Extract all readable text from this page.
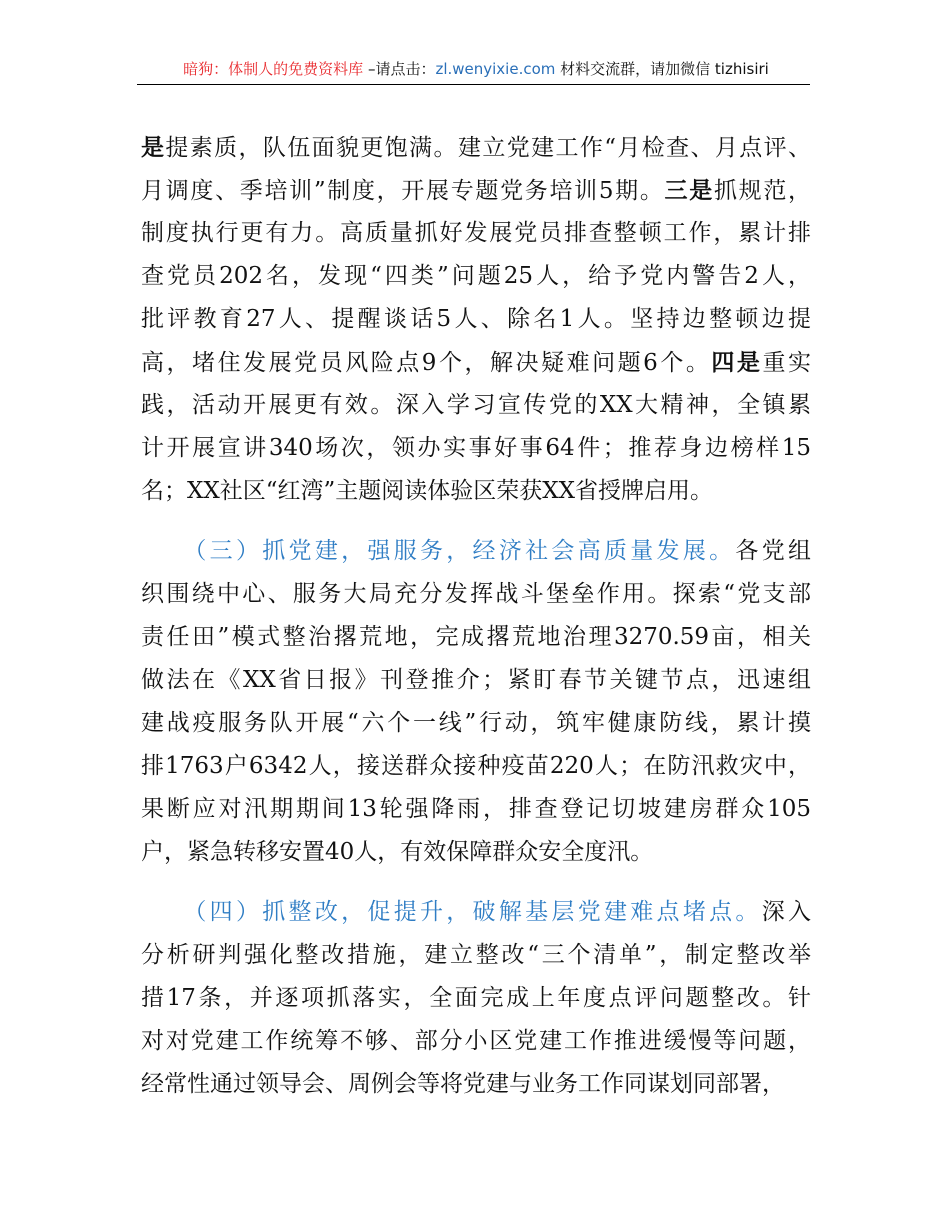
暗狗：体制人的免费资料库 –请点击：zl.wenyixie.com 材料交流群，请加微信 tizhisiri
是提素质，队伍面貌更饱满。建立党建工作“月检查、月点评、
月调度、季培训”制度，开展专题党务培训5期。三是抓规范，
制度执行更有力。高质量抓好发展党员排查整顿工作，累计排
查党员202名，发现“四类”问题25人，给予党内警告2人，
批评教育27人、提醒谈话5人、除名1人。坚持边整顿边提
高，堵住发展党员风险点9个，解决疑难问题6个。四是重实
践，活动开展更有效。深入学习宣传党的XX大精神，全镇累
计开展宣讲340场次，领办实事好事64件；推荐身边榜样15
名；XX社区“红湾”主题阅读体验区荣获XX省授牌启用。
（三）抓党建，强服务，经济社会高质量发展。各党组
织围绕中心、服务大局充分发挥战斗堡垒作用。探索“党支部
责任田”模式整治撂荒地，完成撂荒地治理3270.59亩，相关
做法在《XX省日报》刊登推介；紧盯春节关键节点，迅速组
建战疫服务队开展“六个一线”行动，筑牢健康防线，累计摸
排1763户6342人，接送群众接种疫苗220人；在防汛救灾中，
果断应对汛期期间13轮强降雨，排查登记切坡建房群众105
户，紧急转移安置40人，有效保障群众安全度汛。
（四）抓整改，促提升，破解基层党建难点堵点。深入
分析研判强化整改措施，建立整改“三个清单”，制定整改举
措17条，并逐项抓落实，全面完成上年度点评问题整改。针
对对党建工作统筹不够、部分小区党建工作推进缓慢等问题，
经常性通过领导会、周例会等将党建与业务工作同谋划同部署，
